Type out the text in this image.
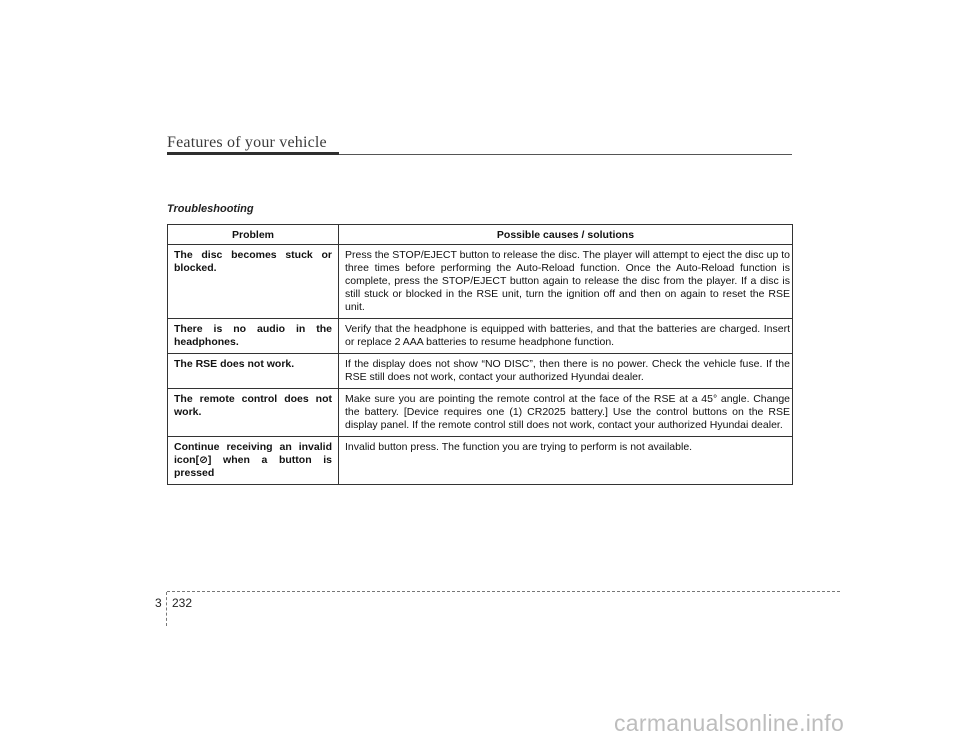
Features of your vehicle
Troubleshooting
Problem	Possible causes / solutions
The disc becomes stuck or blocked.	Press the STOP/EJECT button to release the disc. The player will attempt to eject the disc up to three times before performing the Auto-Reload function. Once the Auto-Reload function is complete, press the STOP/EJECT button again to release the disc from the player. If a disc is still stuck or blocked in the RSE unit, turn the ignition off and then on again to reset the RSE unit.
There is no audio in the headphones.	Verify that the headphone is equipped with batteries, and that the batteries are charged. Insert or replace 2 AAA batteries to resume headphone function.
The RSE does not work.	If the display does not show “NO DISC”, then there is no power. Check the vehicle fuse. If the RSE still does not work, contact your authorized Hyundai dealer.
The remote control does not work.	Make sure you are pointing the remote control at the face of the RSE at a 45° angle. Change the battery. [Device requires one (1) CR2025 battery.] Use the control buttons on the RSE display panel. If the remote control still does not work, contact your authorized Hyundai dealer.
Continue receiving an invalid icon[⊘] when a button is pressed	Invalid button press. The function you are trying to perform is not available.
3 232
carmanualsonline.info
